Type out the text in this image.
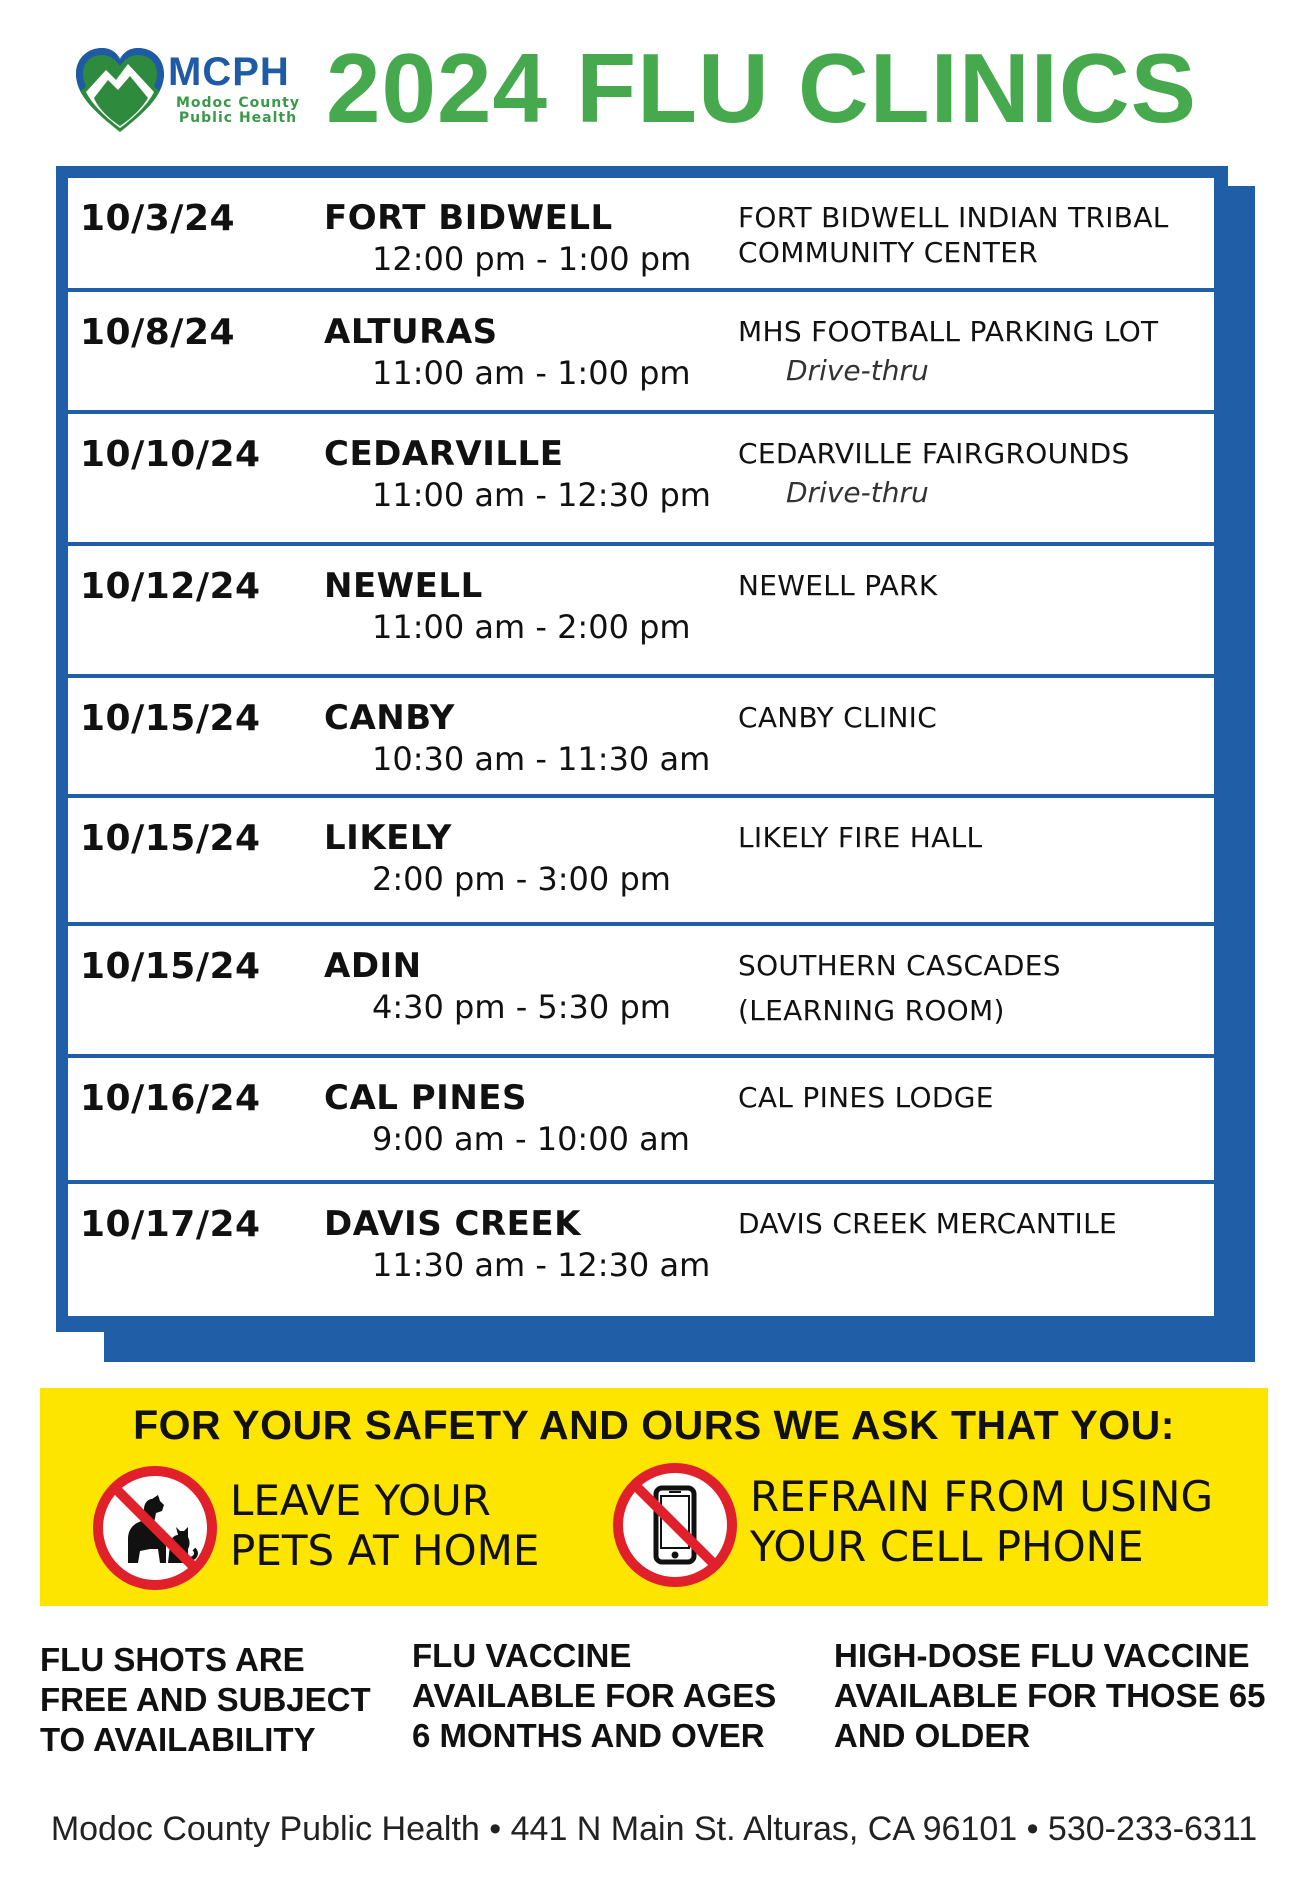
MCPH
Modoc County
Public Health 2024 FLU CLINICS
10/3/24	FORT BIDWELL
12:00 pm - 1:00 pm
FORT BIDWELL INDIAN TRIBAL
COMMUNITY CENTER
10/8/24	ALTURAS
11:00 am - 1:00 pm
MHS FOOTBALL PARKING LOT
Drive-thru
10/10/24 CEDARVILLE
11:00 am - 12:30 pm
CEDARVILLE FAIRGROUNDS
Drive-thru
10/12/24 NEWELL
11:00 am - 2:00 pm
NEWELL PARK
10/15/24 CANBY
10:30 am - 11:30 am
CANBY CLINIC
10/15/24 LIKELY
2:00 pm - 3:00 pm
LIKELY FIRE HALL
10/15/24 ADIN
4:30 pm - 5:30 pm
SOUTHERN CASCADES
(LEARNING ROOM)
10/16/24 CAL PINES
9:00 am - 10:00 am
CAL PINES LODGE
10/17/24 DAVIS CREEK
11:30 am - 12:30 am
DAVIS CREEK MERCANTILE
FOR YOUR SAFETY AND OURS WE ASK THAT YOU:
LEAVE YOUR
PETS AT HOME
REFRAIN FROM USING
YOUR CELL PHONE
FLU SHOTS ARE
FREE AND SUBJECT
TO AVAILABILITY
FLU VACCINE
AVAILABLE FOR AGES
6 MONTHS AND OVER
HIGH-DOSE FLU VACCINE
AVAILABLE FOR THOSE 65
AND OLDER
Modoc County Public Health • 441 N Main St. Alturas, CA 96101 • 530-233-6311
